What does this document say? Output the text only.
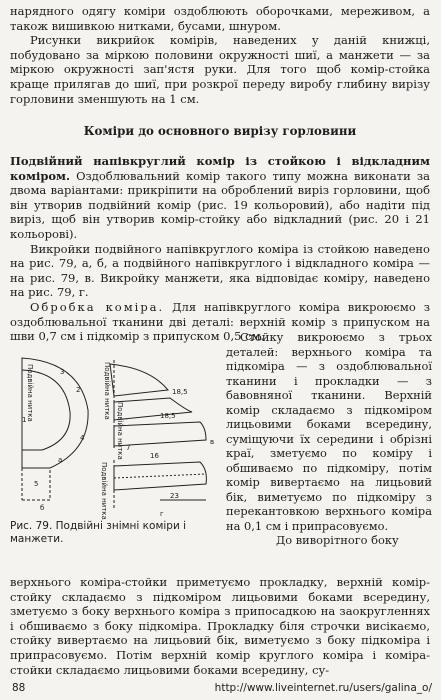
нарядного одягу коміри оздоблюють оборочками, мереживом, а також вишивкою нитками, бусами, шнуром.

Рисунки викрийок комірів, наведених у даній книжці, побудовано за міркою половини окружності шиї, а манжети — за міркою окружності зап'ястя руки. Для того щоб комір-стойка краще прилягав до шиї, при розкрої переду виробу глибину вирізу горловини зменшують на 1 см.

Коміри до основного вирізу горловини

Подвійний напівкруглий комір із стойкою і відкладним коміром. Оздоблювальний комір такого типу можна виконати за двома варіантами: прикріпити на оброблений виріз горловини, щоб він утворив подвійний комір (рис. 19 кольоровий), або надіти під виріз, щоб він утворив комір-стойку або відкладний (рис. 20 і 21 кольорові).

Викройки подвійного напівкруглого коміра із стойкою наведено на рис. 79, а, б, а подвійного напівкруглого і відкладного коміра — на рис. 79, в. Викройку манжети, яка відповідає коміру, наведено на рис. 79, г.

Обробка коміра. Для напівкруглого коміра викроюємо з оздоблювальної тканини дві деталі: верхній комір з припуском на шви 0,7 см і підкомір з припуском 0,5 см.

Подвійна нитка	Подвійна нитка
Подвійна нитка
Подвійна нитка
а
б
в
г
18,5
18,5
16
23
5
3
4
1
2
7

Стойку викроюємо з трьох деталей: верхнього коміра та підкоміра — з оздоблювальної тканини і прокладки — з бавовняної тканини. Верхній комір складаємо з підкоміром лицьовими боками всередину, суміщуючи їх середини і обрізні краї, зметуємо по коміру і обшиваємо по підкоміру, потім комір вивертаємо на лицьовий бік, виметуємо по підкоміру з перекантовкою верхнього коміра на 0,1 см і припрасовуємо.

До виворітного боку

Рис. 79. Подвійні знімні коміри і манжети.

верхнього коміра-стойки приметуємо прокладку, верхній комір-стойку складаємо з підкоміром лицьовими боками всередину, зметуємо з боку верхнього коміра з припосадкою на заокругленнях і обшиваємо з боку підкоміра. Прокладку біля строчки висікаємо, стойку вивертаємо на лицьовий бік, виметуємо з боку підкоміра і припрасовуємо. Потім верхній комір круглого коміра і коміра-стойки складаємо лицьовими боками всередину, су-

88	http://www.liveinternet.ru/users/galina_o/
